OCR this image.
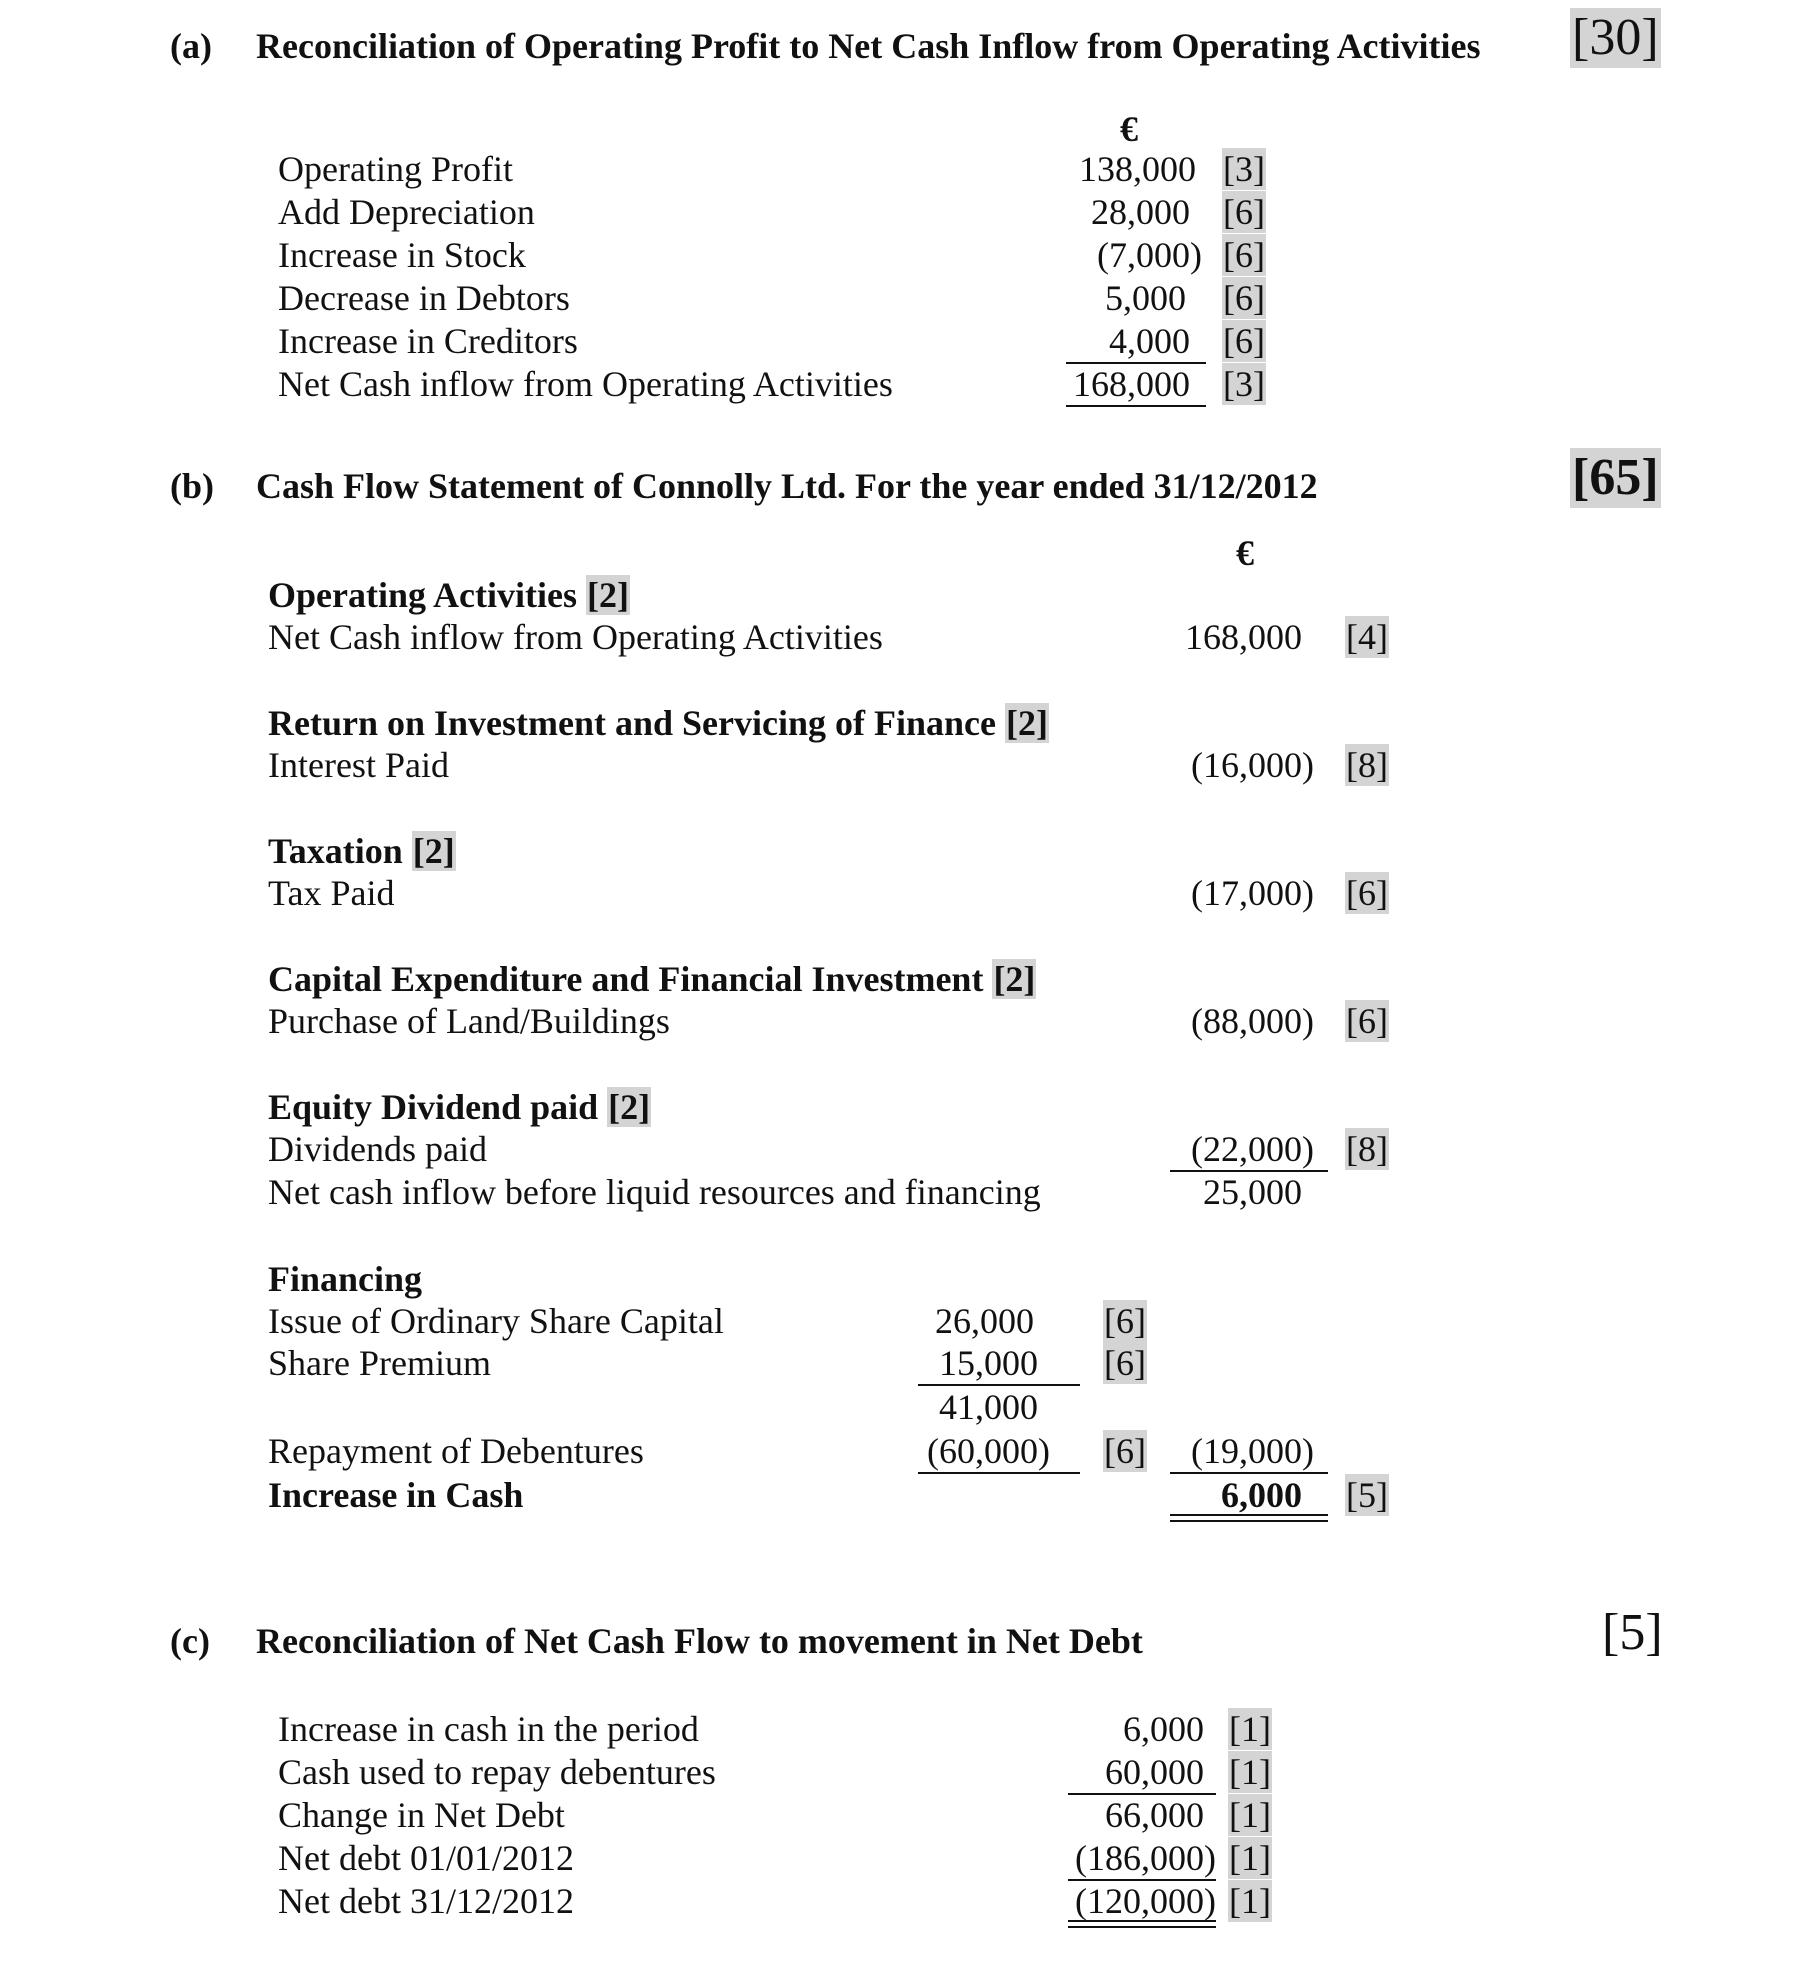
(a) Reconciliation of Operating Profit to Net Cash Inflow from Operating Activities [30]
€
Operating Profit	138,000 [3]
Add Depreciation	28,000 [6]
Increase in Stock	(7,000) [6]
Decrease in Debtors	5,000 [6]
Increase in Creditors	4,000 [6]
Net Cash inflow from Operating Activities	168,000 [3]
(b) Cash Flow Statement of Connolly Ltd. For the year ended 31/12/2012	[65]
€
Operating Activities [2]
Net Cash inflow from Operating Activities	168,000 [4]
Return on Investment and Servicing of Finance [2]
Interest Paid	(16,000) [8]
Taxation [2]
Tax Paid	(17,000) [6]
Capital Expenditure and Financial Investment [2]
Purchase of Land/Buildings	(88,000) [6]
Equity Dividend paid [2]
Dividends paid	(22,000) [8]
Net cash inflow before liquid resources and financing	25,000
Financing
Issue of Ordinary Share Capital	26,000 [6]
Share Premium	15,000 [6]
41,000
Repayment of Debentures	(60,000) [6]	(19,000)
Increase in Cash	6,000 [5]
(c) Reconciliation of Net Cash Flow to movement in Net Debt	[5]
Increase in cash in the period	6,000 [1]
Cash used to repay debentures	60,000 [1]
Change in Net Debt	66,000 [1]
Net debt 01/01/2012	(186,000) [1]
Net debt 31/12/2012	(120,000) [1]
